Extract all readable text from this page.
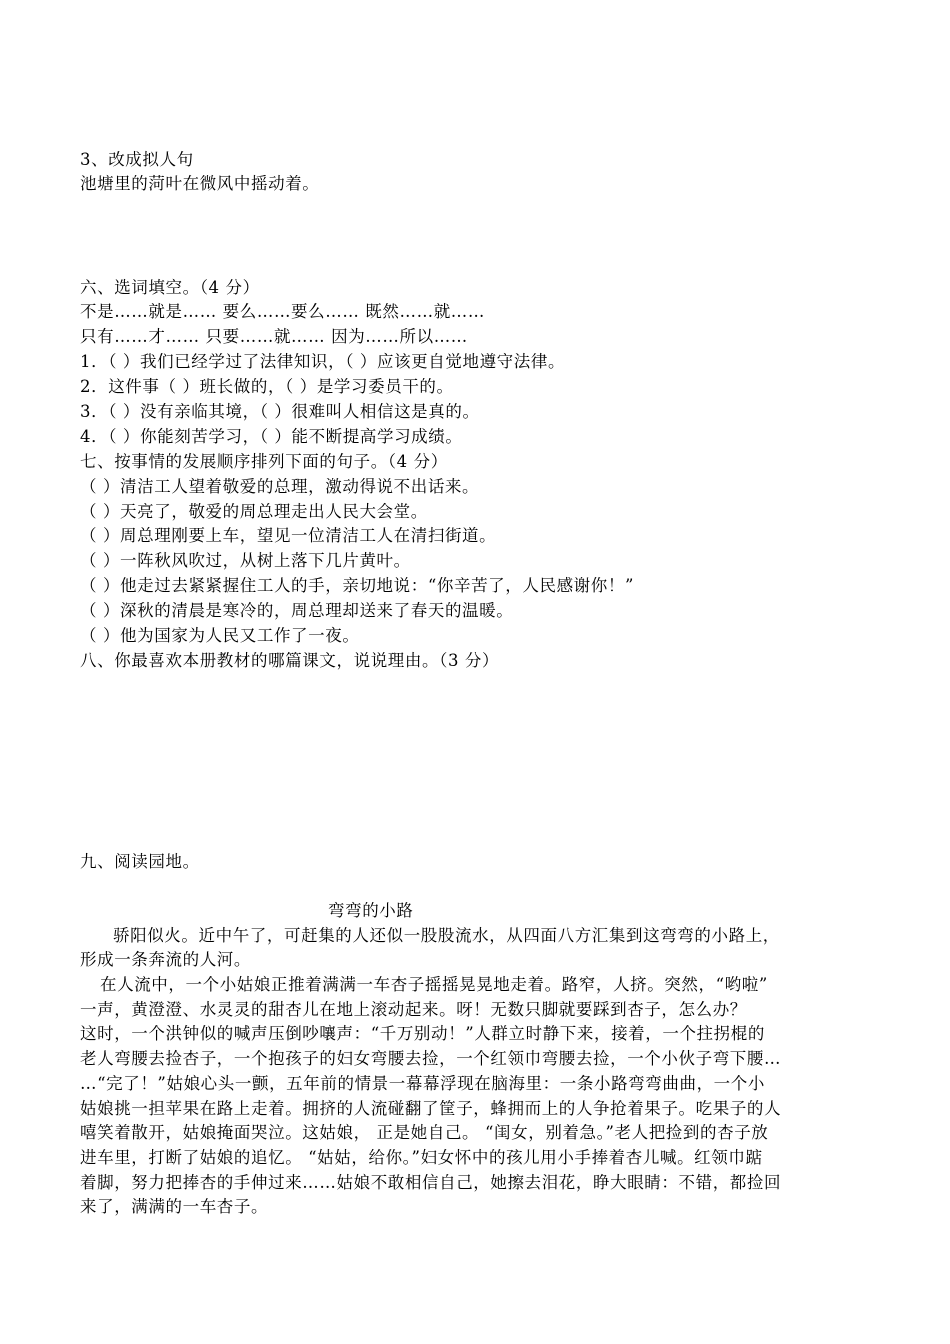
3、改成拟人句
池塘里的菏叶在微风中摇动着。
六、选词填空。（4 分）
不是……就是…… 要么……要么…… 既然……就……
只有……才…… 只要……就…… 因为……所以……
1．（ ）我们已经学过了法律知识，（ ）应该更自觉地遵守法律。
2．这件事（ ）班长做的，（ ）是学习委员干的。
3．（ ）没有亲临其境，（ ）很难叫人相信这是真的。
4．（ ）你能刻苦学习，（ ）能不断提高学习成绩。
七、按事情的发展顺序排列下面的句子。（4 分）
（ ）清洁工人望着敬爱的总理，激动得说不出话来。
（ ）天亮了，敬爱的周总理走出人民大会堂。
（ ）周总理刚要上车，望见一位清洁工人在清扫街道。
（ ）一阵秋风吹过，从树上落下几片黄叶。
（ ）他走过去紧紧握住工人的手，亲切地说：“你辛苦了，人民感谢你！”
（ ）深秋的清晨是寒冷的，周总理却送来了春天的温暖。
（ ）他为国家为人民又工作了一夜。
八、你最喜欢本册教材的哪篇课文，说说理由。（3 分）
九、阅读园地。
弯弯的小路
骄阳似火。近中午了，可赶集的人还似一股股流水，从四面八方汇集到这弯弯的小路上，
形成一条奔流的人河。
在人流中，一个小姑娘正推着满满一车杏子摇摇晃晃地走着。路窄，人挤。突然，“哟啦”
一声，黄澄澄、水灵灵的甜杏儿在地上滚动起来。呀！无数只脚就要踩到杏子，怎么办？
这时，一个洪钟似的喊声压倒吵嚷声：“千万别动！”人群立时静下来，接着，一个拄拐棍的
老人弯腰去捡杏子，一个抱孩子的妇女弯腰去捡，一个红领巾弯腰去捡，一个小伙子弯下腰…
…“完了！”姑娘心头一颤，五年前的情景一幕幕浮现在脑海里：一条小路弯弯曲曲，一个小
姑娘挑一担苹果在路上走着。拥挤的人流碰翻了筐子，蜂拥而上的人争抢着果子。吃果子的人
嘻笑着散开，姑娘掩面哭泣。这姑娘， 正是她自己。 “闺女，别着急。”老人把捡到的杏子放
进车里，打断了姑娘的追忆。 “姑姑，给你。”妇女怀中的孩儿用小手捧着杏儿喊。红领巾踮
着脚，努力把捧杏的手伸过来……姑娘不敢相信自己，她擦去泪花，睁大眼睛：不错，都捡回
来了，满满的一车杏子。
